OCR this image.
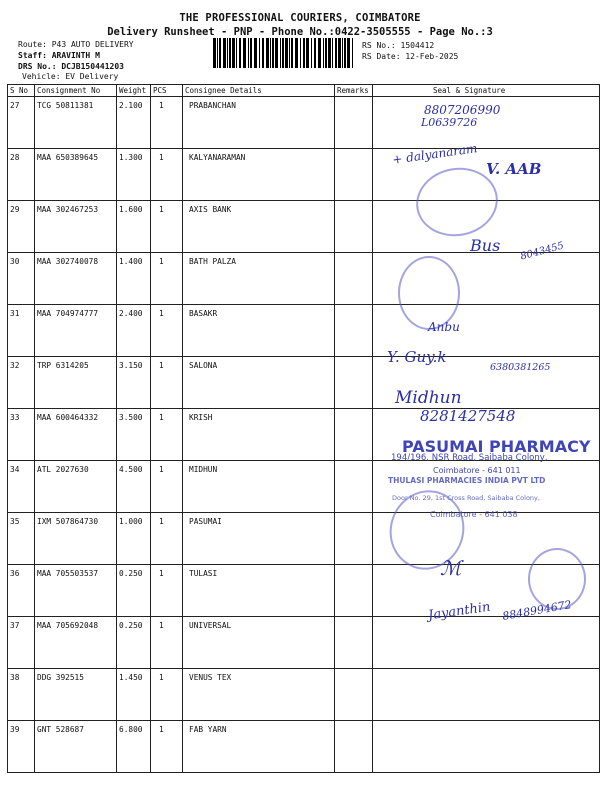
THE PROFESSIONAL COURIERS, COIMBATORE
Delivery Runsheet - PNP - Phone No.:0422-3505555 - Page No.:3
Route: P43 AUTO DELIVERY
Staff: ARAVINTH M
DRS No.: DCJB150441203
Vehicle: EV Delivery
RS No.: 1504412
RS Date: 12-Feb-2025
S No	Consignment No	Weight	PCS	Consignee Details	Remarks	Seal & Signature
27	TCG 50811381	2.100	1	PRABANCHAN		
28	MAA 650389645	1.300	1	KALYANARAMAN		
29	MAA 302467253	1.600	1	AXIS BANK		
30	MAA 302740078	1.400	1	BATH PALZA		
31	MAA 704974777	2.400	1	BASAKR		
32	TRP 6314205	3.150	1	SALONA		
33	MAA 600464332	3.500	1	KRISH		
34	ATL 2027630	4.500	1	MIDHUN		
35	IXM 507864730	1.000	1	PASUMAI		
36	MAA 705503537	0.250	1	TULASI		
37	MAA 705692048	0.250	1	UNIVERSAL		
38	DDG 392515	1.450	1	VENUS TEX		
39	GNT 528687	6.800	1	FAB YARN		
8807206990
L0639726
+ dalyanaram
V. AAB
Bus 8043455
Anbu
Y. Guy.k
6380381265
Midhun
8281427548
PASUMAI PHARMACY
194/196, NSR Road, Saibaba Colony,
Coimbatore - 641 011
THULASI PHARMACIES INDIA PVT LTD
Door No. 29, 1st Cross Road, Saibaba Colony,
Coimbatore - 641 038
ℳ
Jayanthin 8848994672
